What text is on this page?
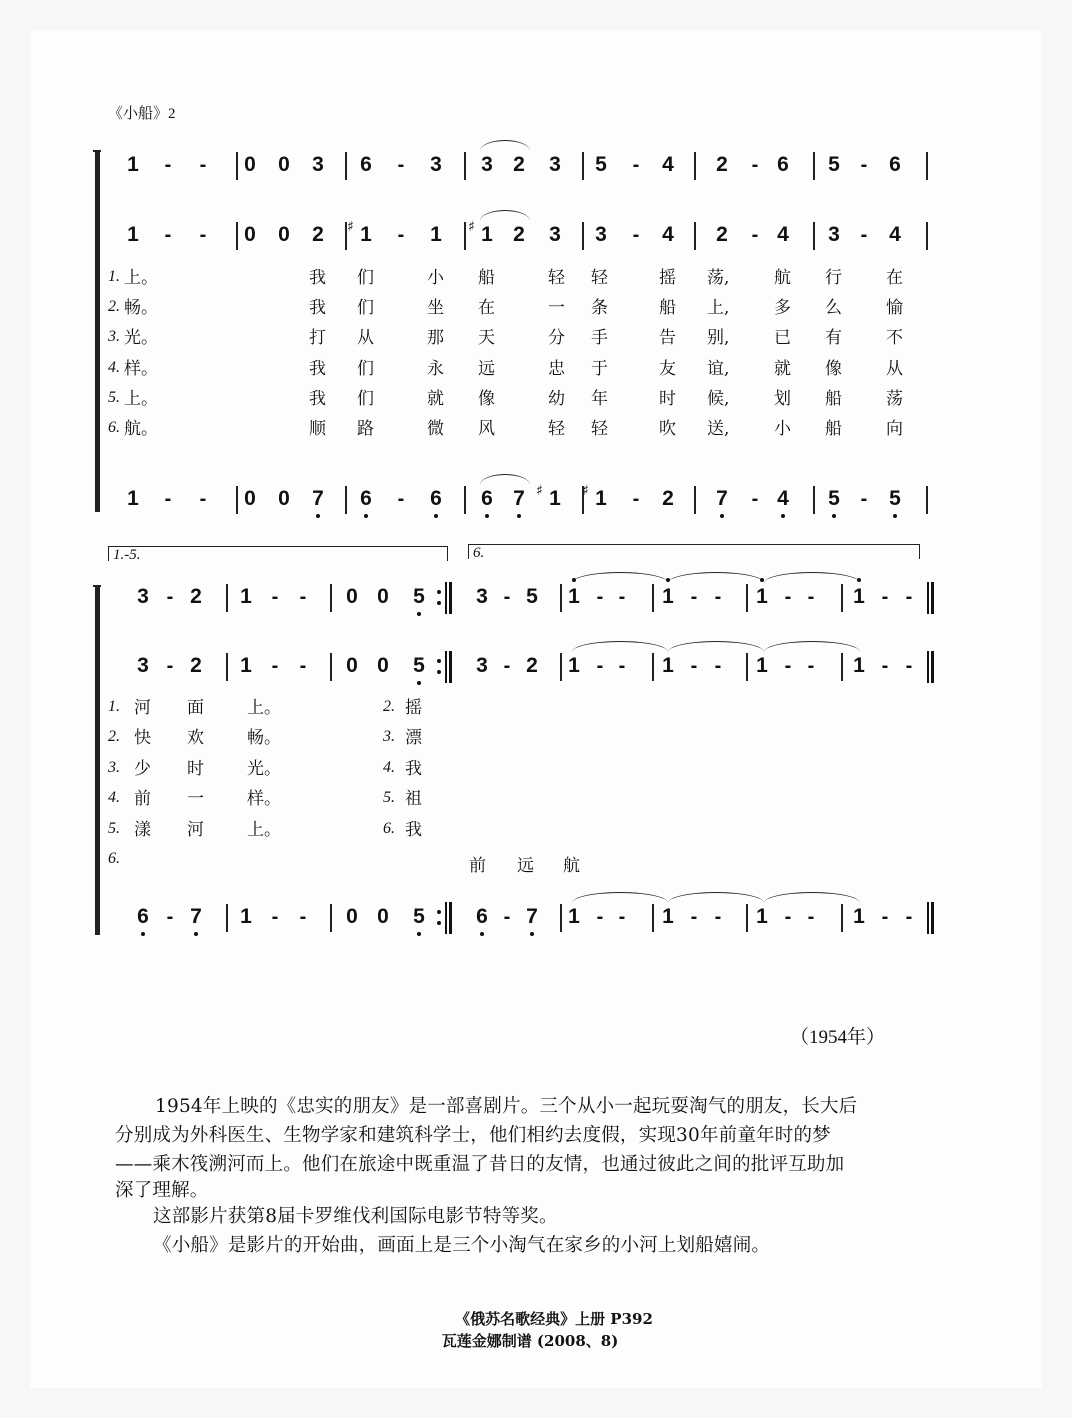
《小船》2
1	-	-	0 0 3 6	-	3 3 2 3 5	-	4 2	- 6 5	-	6
1	-	-	0 0 2 1
♯	-	1 1
♯ 2 3 3	-	4 2	- 4 3	-	4
1	-	-	0 0 7 6	-	6 6 7 1
♯ 1
♯	-	2 7	- 4 5	-	5
1. 上。	我 们	小 船	轻 轻	摇 荡,	航 行	在
2. 畅。	我 们	坐 在	一 条	船 上,	多 么	愉
3. 光。	打 从	那 天	分 手	告 别,	已 有	不
4. 样。	我 们	永 远	忠 于	友 谊,	就 像	从
5. 上。	我 们	就 像	幼 年	时 候,	划 船	荡
6. 航。	顺 路	微 风	轻 轻	吹 送,	小 船	向
1.-5.	6.
3 - 2 1 -	-	0 0 5 3 - 5 1 - -	1 - -	1 - -	1 - -
3 - 2 1 -	-	0 0 5 3 - 2 1 - -	1 - -	1 - -	1 - -
6 - 7 1 -	-	0 0 5 6 - 7 1 - -	1 - -	1 - -	1 - -
1. 河 面	上。	2. 摇
2. 快 欢	畅。	3. 漂
3. 少 时	光。	4. 我
4. 前 一	样。	5. 祖
5. 漾 河	上。	6. 我
6.	前 远 航
（1954年）
1954年上映的《忠实的朋友》是一部喜剧片。三个从小一起玩耍淘气的朋友，长大后
分别成为外科医生、生物学家和建筑科学士，他们相约去度假，实现30年前童年时的梦
——乘木筏溯河而上。他们在旅途中既重温了昔日的友情，也通过彼此之间的批评互助加
深了理解。
这部影片获第8届卡罗维伐利国际电影节特等奖。
《小船》是影片的开始曲，画面上是三个小淘气在家乡的小河上划船嬉闹。
《俄苏名歌经典》上册 P392
瓦莲金娜制谱 (2008、8)
